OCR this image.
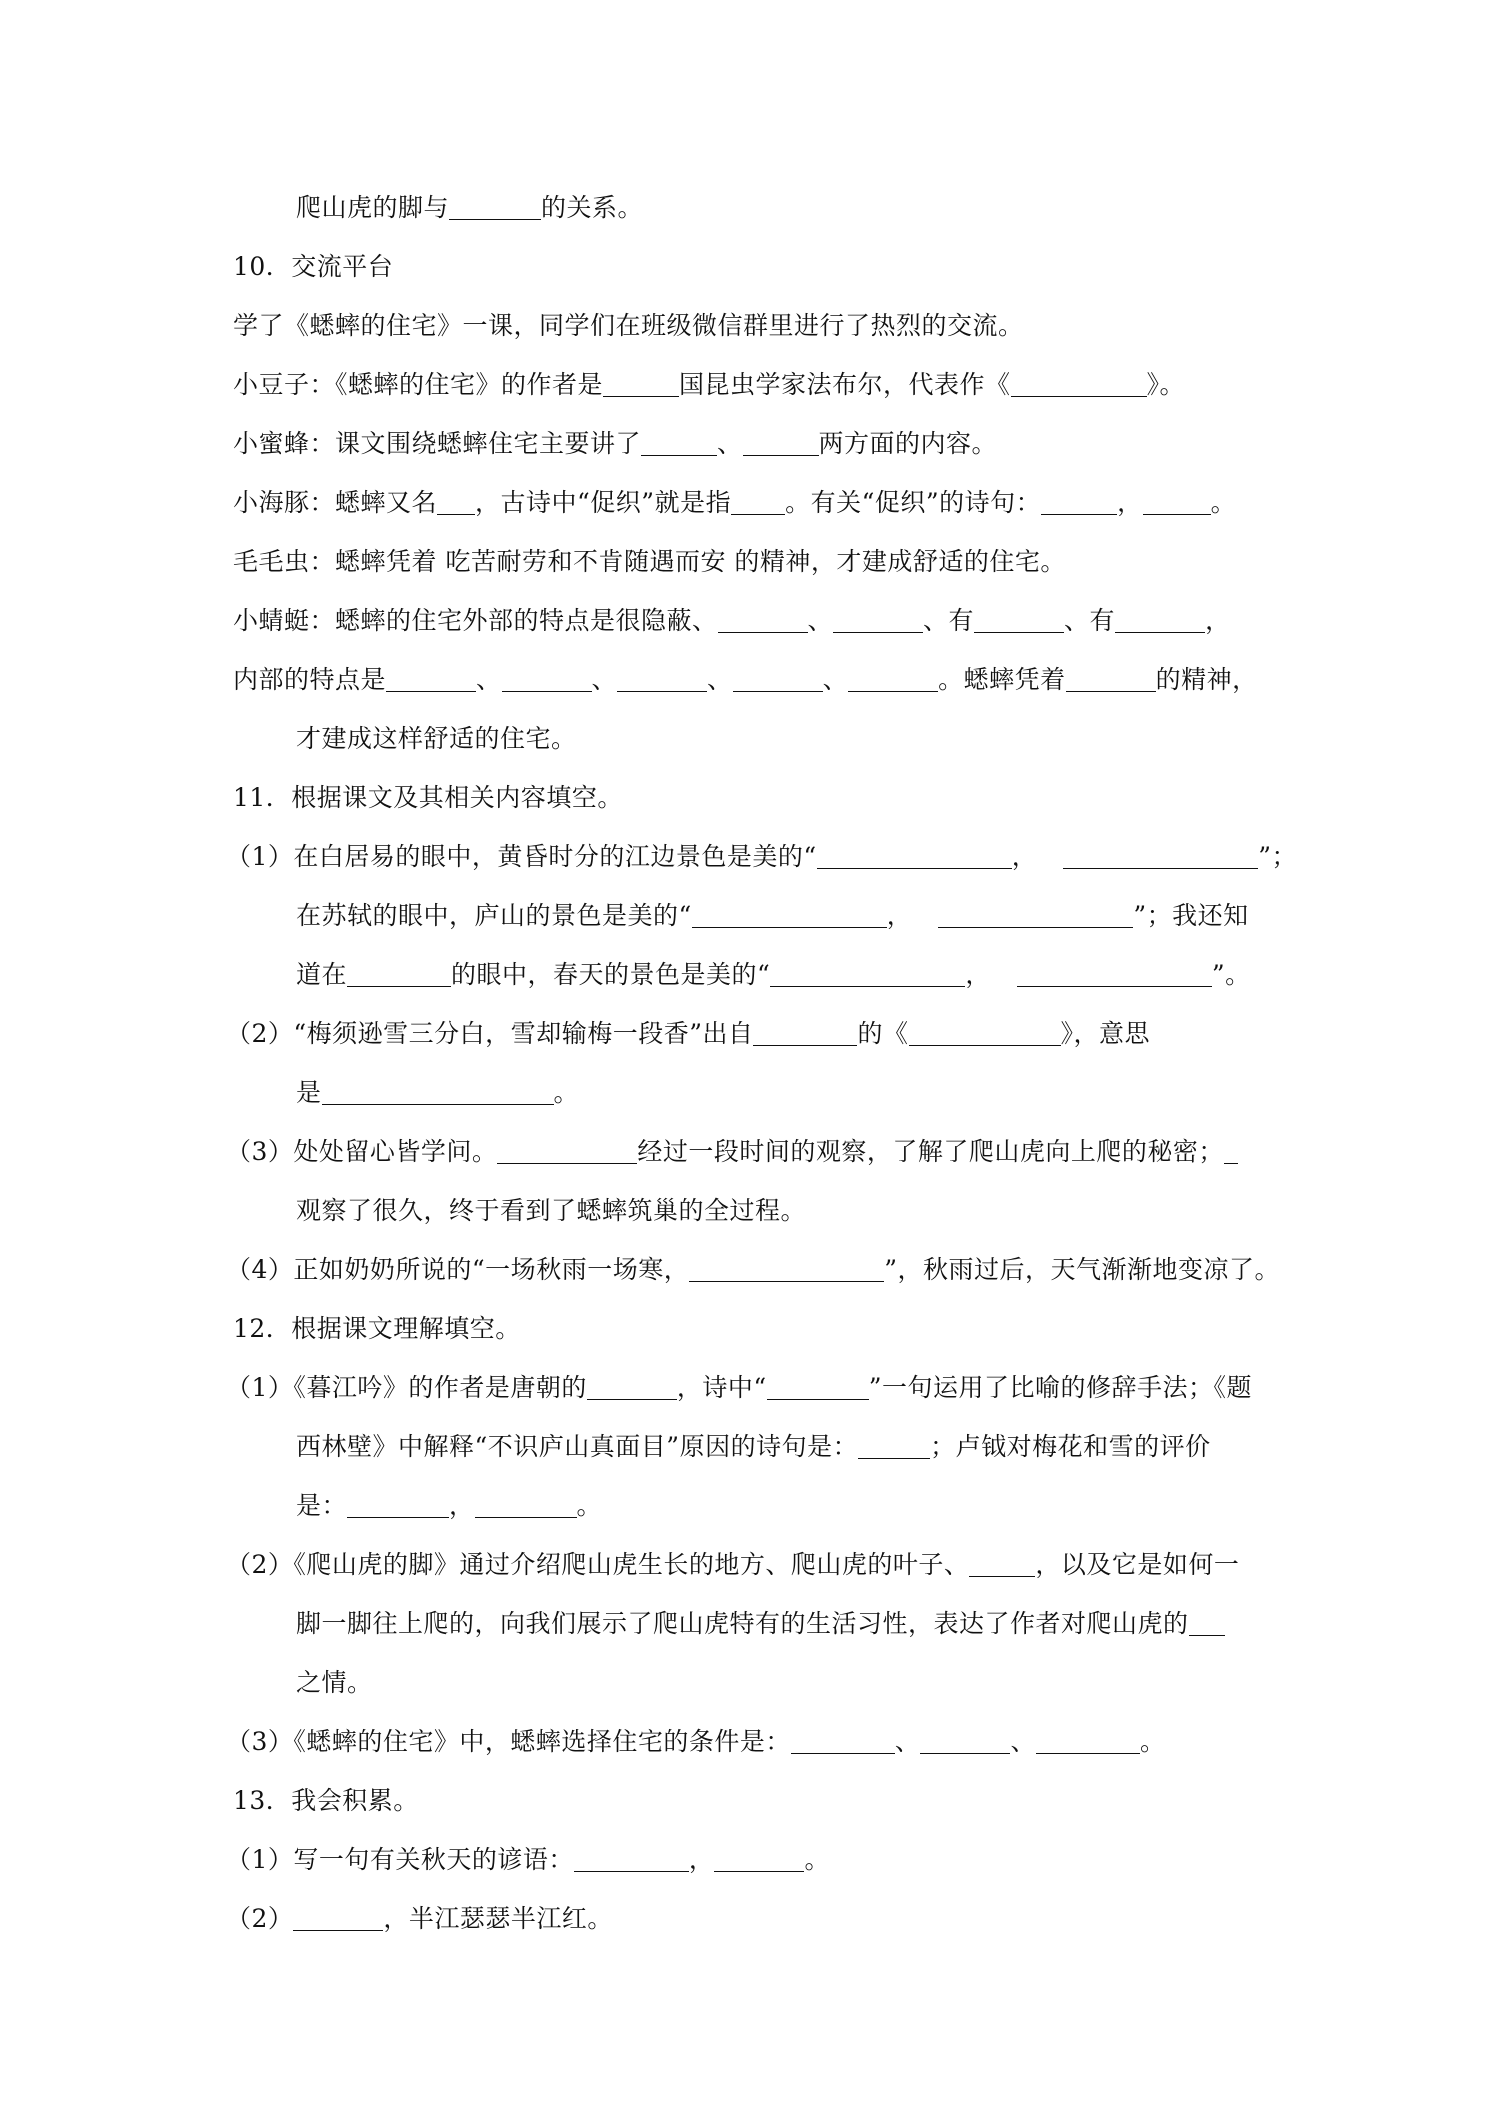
爬山虎的脚与	的关系。
10．交流平台
学了《蟋蟀的住宅》一课，同学们在班级微信群里进行了热烈的交流。
小豆子：《蟋蟀的住宅》的作者是	国昆虫学家法布尔，代表作《	》。
小蜜蜂：课文围绕蟋蟀住宅主要讲了	、	两方面的内容。
小海豚：蟋蟀又名 ，古诗中“促织”就是指 。有关“促织”的诗句：	，	。
毛毛虫：蟋蟀凭着 吃苦耐劳和不肯随遇而安 的精神，才建成舒适的住宅。
小蜻蜓：蟋蟀的住宅外部的特点是很隐蔽、	、	、有	、有	，
内部的特点是	、	、	、	、	。蟋蟀凭着	的精神，
才建成这样舒适的住宅。
11．根据课文及其相关内容填空。
（1）在白居易的眼中，黄昏时分的江边景色是美的“	，	”；
在苏轼的眼中，庐山的景色是美的“	，	”；我还知
道在	的眼中，春天的景色是美的“	，	”。
（2）“梅须逊雪三分白，雪却输梅一段香”出自	的《	》，意思
是	。
（3）处处留心皆学问。	经过一段时间的观察，了解了爬山虎向上爬的秘密；
观察了很久，终于看到了蟋蟀筑巢的全过程。
（4）正如奶奶所说的“一场秋雨一场寒，	”，秋雨过后，天气渐渐地变凉了。
12．根据课文理解填空。
（1）《暮江吟》的作者是唐朝的	，诗中“	”一句运用了比喻的修辞手法；《题
西林壁》中解释“不识庐山真面目”原因的诗句是：	；卢钺对梅花和雪的评价
是：	，	。
（2）《爬山虎的脚》通过介绍爬山虎生长的地方、爬山虎的叶子、	，以及它是如何一
脚一脚往上爬的，向我们展示了爬山虎特有的生活习性，表达了作者对爬山虎的
之情。
（3）《蟋蟀的住宅》中，蟋蟀选择住宅的条件是：	、	、	。
13．我会积累。
（1）写一句有关秋天的谚语：	，	。
（2）	，半江瑟瑟半江红。
